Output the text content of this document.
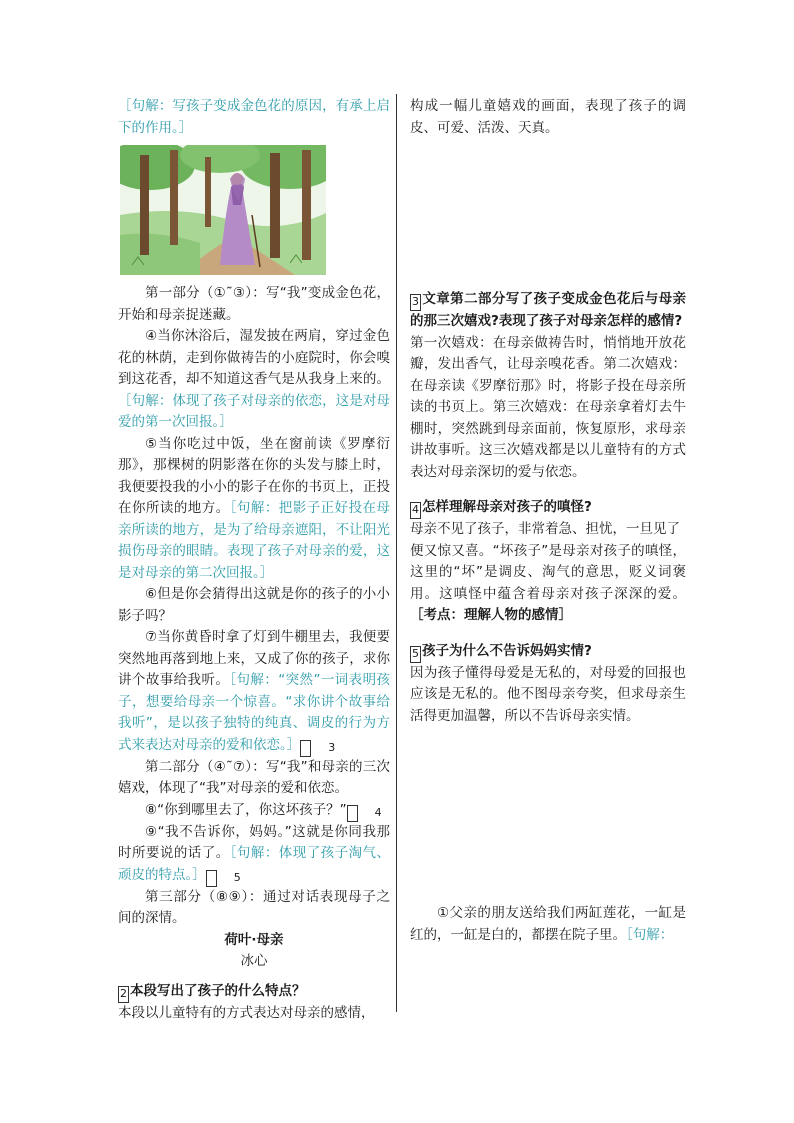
［句解：写孩子变成金色花的原因，有承上启下的作用。］

第一部分（①˜③）：写“我”变成金色花，开始和母亲捉迷藏。

④当你沐浴后，湿发披在两肩，穿过金色花的林荫，走到你做祷告的小庭院时，你会嗅到这花香，却不知道这香气是从我身上来的。［句解：体现了孩子对母亲的依恋，这是对母爱的第一次回报。］

⑤当你吃过中饭，坐在窗前读《罗摩衍那》，那棵树的阴影落在你的头发与膝上时，我便要投我的小小的影子在你的书页上，正投在你所读的地方。［句解：把影子正好投在母亲所读的地方，是为了给母亲遮阳，不让阳光损伤母亲的眼睛。表现了孩子对母亲的爱，这是对母亲的第二次回报。］

⑥但是你会猜得出这就是你的孩子的小小影子吗？

⑦当你黄昏时拿了灯到牛棚里去，我便要突然地再落到地上来，又成了你的孩子，求你讲个故事给我听。［句解：“突然”一词表明孩子，想要给母亲一个惊喜。“求你讲个故事给我听”，是以孩子独特的纯真、调皮的行为方式来表达对母亲的爱和依恋。］	3

第二部分（④˜⑦）：写“我”和母亲的三次嬉戏，体现了“我”对母亲的爱和依恋。

⑧“你到哪里去了，你这坏孩子？”	4

⑨“我不告诉你，妈妈。”这就是你同我那时所要说的话了。［句解：体现了孩子淘气、顽皮的特点。］	5

第三部分（⑧⑨）：通过对话表现母子之间的深情。

荷叶·母亲

冰心

2 本段写出了孩子的什么特点？

本段以儿童特有的方式表达对母亲的感情，

构成一幅儿童嬉戏的画面，表现了孩子的调皮、可爱、活泼、天真。

3 文章第二部分写了孩子变成金色花后与母亲的那三次嬉戏?表现了孩子对母亲怎样的感情?

第一次嬉戏：在母亲做祷告时，悄悄地开放花瓣，发出香气，让母亲嗅花香。第二次嬉戏：在母亲读《罗摩衍那》时，将影子投在母亲所读的书页上。第三次嬉戏：在母亲拿着灯去牛棚时，突然跳到母亲面前，恢复原形，求母亲讲故事听。这三次嬉戏都是以儿童特有的方式表达对母亲深切的爱与依恋。

4 怎样理解母亲对孩子的嗔怪?

母亲不见了孩子，非常着急、担忧，一旦见了

便又惊又喜。“坏孩子”是母亲对孩子的嗔怪，这里的“坏”是调皮、淘气的意思，贬义词褒用。这嗔怪中蕴含着母亲对孩子深深的爱。［考点：理解人物的感情］

5 孩子为什么不告诉妈妈实情?

因为孩子懂得母爱是无私的，对母爱的回报也应该是无私的。他不图母亲夸奖，但求母亲生活得更加温馨，所以不告诉母亲实情。

①父亲的朋友送给我们两缸莲花，一缸是红的，一缸是白的，都摆在院子里。［句解：
